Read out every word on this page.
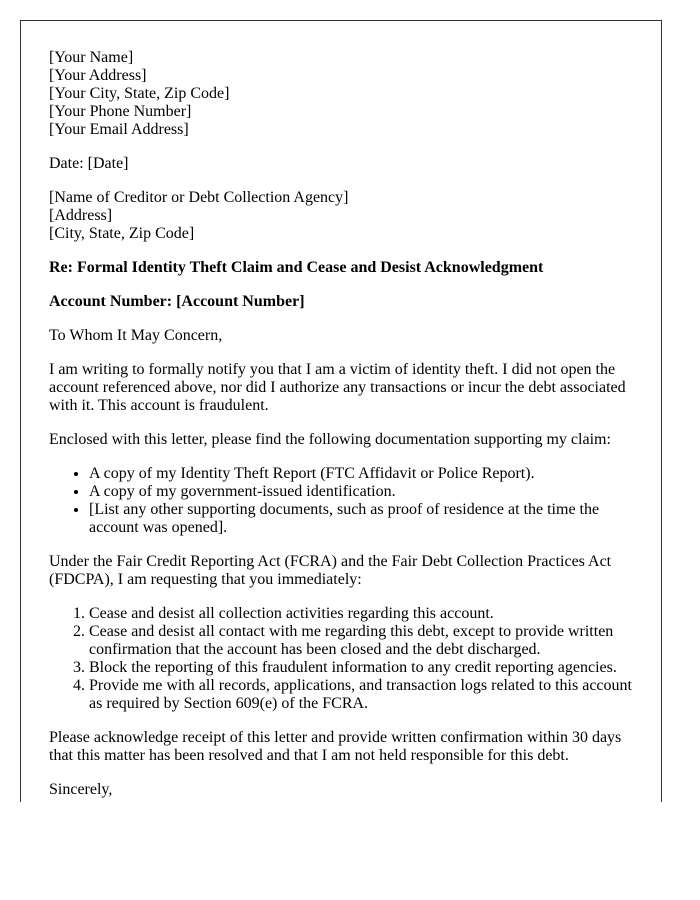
[Your Name]
[Your Address]
[Your City, State, Zip Code]
[Your Phone Number]
[Your Email Address]

Date: [Date]

[Name of Creditor or Debt Collection Agency]
[Address]
[City, State, Zip Code]

Re: Formal Identity Theft Claim and Cease and Desist Acknowledgment

Account Number: [Account Number]

To Whom It May Concern,

I am writing to formally notify you that I am a victim of identity theft. I did not open the account referenced above, nor did I authorize any transactions or incur the debt associated with it. This account is fraudulent.

Enclosed with this letter, please find the following documentation supporting my claim:

• A copy of my Identity Theft Report (FTC Affidavit or Police Report).
• A copy of my government-issued identification.
• [List any other supporting documents, such as proof of residence at the time the account was opened].

Under the Fair Credit Reporting Act (FCRA) and the Fair Debt Collection Practices Act (FDCPA), I am requesting that you immediately:

1. Cease and desist all collection activities regarding this account.
2. Cease and desist all contact with me regarding this debt, except to provide written confirmation that the account has been closed and the debt discharged.
3. Block the reporting of this fraudulent information to any credit reporting agencies.
4. Provide me with all records, applications, and transaction logs related to this account as required by Section 609(e) of the FCRA.

Please acknowledge receipt of this letter and provide written confirmation within 30 days that this matter has been resolved and that I am not held responsible for this debt.

Sincerely,
